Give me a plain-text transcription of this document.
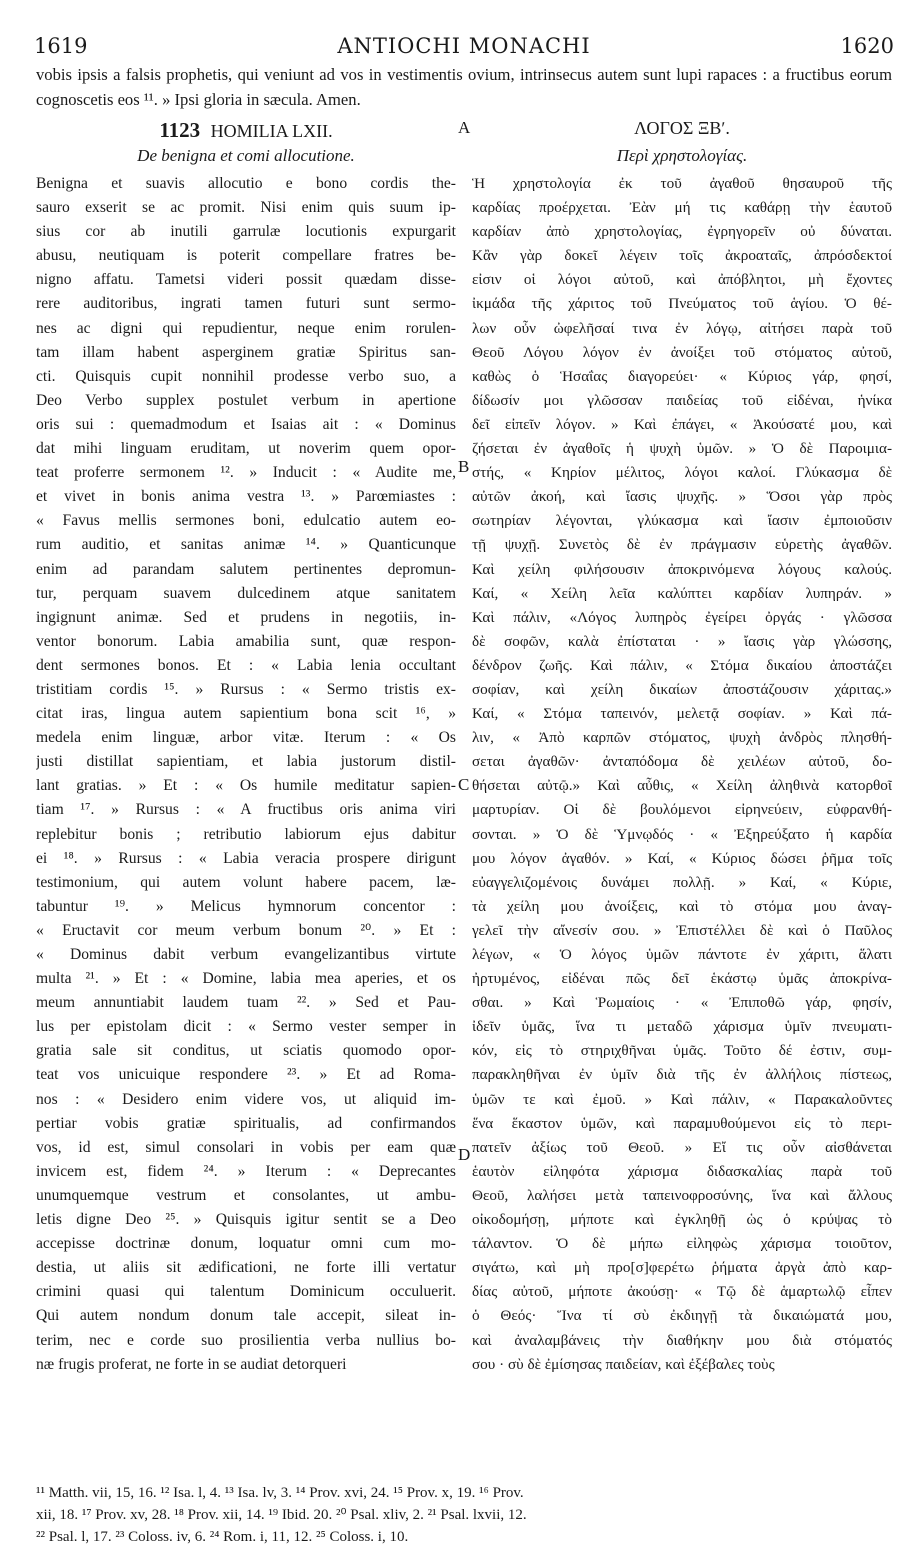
1619	ANTIOCHI MONACHI	1620
vobis ipsis a falsis prophetis, qui veniunt ad vos in vestimentis ovium, intrinsecus autem sunt lupi rapaces : a fructibus eorum cognoscetis eos ¹¹. » Ipsi gloria in sæcula. Amen.
1123 HOMILIA LXII.
De benigna et comi allocutione.
Benigna et suavis allocutio e bono cordis the-
sauro exserit se ac promit. Nisi enim quis suum ip-
sius cor ab inutili garrulæ locutionis expurgarit
abusu, neutiquam is poterit compellare fratres be-
nigno affatu. Tametsi videri possit quædam disse-
rere auditoribus, ingrati tamen futuri sunt sermo-
nes ac digni qui repudientur, neque enim rorulen-
tam illam habent asperginem gratiæ Spiritus san-
cti. Quisquis cupit nonnihil prodesse verbo suo, a
Deo Verbo supplex postulet verbum in apertione
oris sui : quemadmodum et Isaias ait : « Dominus
dat mihi linguam eruditam, ut noverim quem opor-
teat proferre sermonem ¹². » Inducit : « Audite me,
et vivet in bonis anima vestra ¹³. » Parœmiastes :
« Favus mellis sermones boni, edulcatio autem eo-
rum auditio, et sanitas animæ ¹⁴. » Quanticunque
enim ad parandam salutem pertinentes depromun-
tur, perquam suavem dulcedinem atque sanitatem
ingignunt animæ. Sed et prudens in negotiis, in-
ventor bonorum. Labia amabilia sunt, quæ respon-
dent sermones bonos. Et : « Labia lenia occultant
tristitiam cordis ¹⁵. » Rursus : « Sermo tristis ex-
citat iras, lingua autem sapientium bona scit ¹⁶, »
medela enim linguæ, arbor vitæ. Iterum : « Os
justi distillat sapientiam, et labia justorum distil-
lant gratias. » Et : « Os humile meditatur sapien-
tiam ¹⁷. » Rursus : « A fructibus oris anima viri
replebitur bonis ; retributio labiorum ejus dabitur
ei ¹⁸. » Rursus : « Labia veracia prospere dirigunt
testimonium, qui autem volunt habere pacem, læ-
tabuntur ¹⁹. » Melicus hymnorum concentor :
« Eructavit cor meum verbum bonum ²⁰. » Et :
« Dominus dabit verbum evangelizantibus virtute
multa ²¹. » Et : « Domine, labia mea aperies, et os
meum annuntiabit laudem tuam ²². » Sed et Pau-
lus per epistolam dicit : « Sermo vester semper in
gratia sale sit conditus, ut sciatis quomodo opor-
teat vos unicuique respondere ²³. » Et ad Roma-
nos : « Desidero enim videre vos, ut aliquid im-
pertiar vobis gratiæ spiritualis, ad confirmandos
vos, id est, simul consolari in vobis per eam quæ
invicem est, fidem ²⁴. » Iterum : « Deprecantes
unumquemque vestrum et consolantes, ut ambu-
letis digne Deo ²⁵. » Quisquis igitur sentit se a Deo
accepisse doctrinæ donum, loquatur omni cum mo-
destia, ut aliis sit ædificationi, ne forte illi vertatur
crimini quasi qui talentum Dominicum occuluerit.
Qui autem nondum donum tale accepit, sileat in-
terim, nec e corde suo prosilientia verba nullius bo-
næ frugis proferat, ne forte in se audiat detorqueri
ΛΟΓΟΣ ΞΒʹ.
Περὶ χρηστολογίας.
Ἡ χρηστολογία ἐκ τοῦ ἀγαθοῦ θησαυροῦ τῆς
καρδίας προέρχεται. Ἐὰν μή τις καθάρῃ τὴν ἑαυτοῦ
καρδίαν ἀπὸ χρηστολογίας, ἐγρηγορεῖν οὐ δύναται.
Κἂν γὰρ δοκεῖ λέγειν τοῖς ἀκροαταῖς, ἀπρόσδεκτοί
εἰσιν οἱ λόγοι αὐτοῦ, καὶ ἀπόβλητοι, μὴ ἔχοντες
ἰκμάδα τῆς χάριτος τοῦ Πνεύματος τοῦ ἁγίου. Ὁ θέ-
λων οὖν ὠφελῆσαί τινα ἐν λόγῳ, αἰτήσει παρὰ τοῦ
Θεοῦ Λόγου λόγον ἐν ἀνοίξει τοῦ στόματος αὐτοῦ,
καθὼς ὁ Ἡσαΐας διαγορεύει· « Κύριος γάρ, φησί,
δίδωσίν μοι γλῶσσαν παιδείας τοῦ εἰδέναι, ἡνίκα
δεῖ εἰπεῖν λόγον. » Καὶ ἐπάγει, « Ἀκούσατέ μου, καὶ
ζήσεται ἐν ἀγαθοῖς ἡ ψυχὴ ὑμῶν. » Ὁ δὲ Παροιμια-
στής, « Κηρίον μέλιτος, λόγοι καλοί. Γλύκασμα δὲ
αὐτῶν ἀκοή, καὶ ἴασις ψυχῆς. » Ὅσοι γὰρ πρὸς
σωτηρίαν λέγονται, γλύκασμα καὶ ἴασιν ἐμποιοῦσιν
τῇ ψυχῇ. Συνετὸς δὲ ἐν πράγμασιν εὑρετὴς ἀγαθῶν.
Καὶ χείλη φιλήσουσιν ἀποκρινόμενα λόγους καλούς.
Καί, « Χείλη λεῖα καλύπτει καρδίαν λυπηράν. »
Καὶ πάλιν, «Λόγος λυπηρὸς ἐγείρει ὀργάς · γλῶσσα
δὲ σοφῶν, καλὰ ἐπίσταται · » ἴασις γὰρ γλώσσης,
δένδρον ζωῆς. Καὶ πάλιν, « Στόμα δικαίου ἀποστάζει
σοφίαν, καὶ χείλη δικαίων ἀποστάζουσιν χάριτας.»
Καί, « Στόμα ταπεινόν, μελετᾷ σοφίαν. » Καὶ πά-
λιν, « Ἀπὸ καρπῶν στόματος, ψυχὴ ἀνδρὸς πλησθή-
σεται ἀγαθῶν· ἀνταπόδομα δὲ χειλέων αὐτοῦ, δο-
θήσεται αὐτῷ.» Καὶ αὖθις, « Χείλη ἀληθινὰ κατορθοῖ
μαρτυρίαν. Οἱ δὲ βουλόμενοι εἰρηνεύειν, εὐφρανθή-
σονται. » Ὁ δὲ Ὑμνῳδός · « Ἐξηρεύξατο ἡ καρδία
μου λόγον ἀγαθόν. » Καί, « Κύριος δώσει ῥῆμα τοῖς
εὐαγγελιζομένοις δυνάμει πολλῇ. » Καί, « Κύριε,
τὰ χείλη μου ἀνοίξεις, καὶ τὸ στόμα μου ἀναγ-
γελεῖ τὴν αἴνεσίν σου. » Ἐπιστέλλει δὲ καὶ ὁ Παῦλος
λέγων, « Ὁ λόγος ὑμῶν πάντοτε ἐν χάριτι, ἅλατι
ἠρτυμένος, εἰδέναι πῶς δεῖ ἑκάστῳ ὑμᾶς ἀποκρίνα-
σθαι. » Καὶ Ῥωμαίοις · « Ἐπιποθῶ γάρ, φησίν,
ἰδεῖν ὑμᾶς, ἵνα τι μεταδῶ χάρισμα ὑμῖν πνευματι-
κόν, εἰς τὸ στηριχθῆναι ὑμᾶς. Τοῦτο δέ ἐστιν, συμ-
παρακληθῆναι ἐν ὑμῖν διὰ τῆς ἐν ἀλλήλοις πίστεως,
ὑμῶν τε καὶ ἐμοῦ. » Καὶ πάλιν, « Παρακαλοῦντες
ἕνα ἕκαστον ὑμῶν, καὶ παραμυθούμενοι εἰς τὸ περι-
πατεῖν ἀξίως τοῦ Θεοῦ. » Εἴ τις οὖν αἰσθάνεται
ἑαυτὸν εἰληφότα χάρισμα διδασκαλίας παρὰ τοῦ
Θεοῦ, λαλήσει μετὰ ταπεινοφροσύνης, ἵνα καὶ ἄλλους
οἰκοδομήσῃ, μήποτε καὶ ἐγκληθῇ ὡς ὁ κρύψας τὸ
τάλαντον. Ὁ δὲ μήπω εἰληφὼς χάρισμα τοιοῦτον,
σιγάτω, καὶ μὴ προ[σ]φερέτω ῥήματα ἀργὰ ἀπὸ καρ-
δίας αὐτοῦ, μήποτε ἀκούσῃ· « Τῷ δὲ ἁμαρτωλῷ εἶπεν
ὁ Θεός· Ἵνα τί σὺ ἐκδιηγῇ τὰ δικαιώματά μου,
καὶ ἀναλαμβάνεις τὴν διαθήκην μου διὰ στόματός
σου · σὺ δὲ ἐμίσησας παιδείαν, καὶ ἐξέβαλες τοὺς
A
B
C
D
¹¹ Matth. vii, 15, 16. ¹² Isa. l, 4. ¹³ Isa. lv, 3. ¹⁴ Prov. xvi, 24. ¹⁵ Prov. x, 19. ¹⁶ Prov.
xii, 18. ¹⁷ Prov. xv, 28. ¹⁸ Prov. xii, 14. ¹⁹ Ibid. 20. ²⁰ Psal. xliv, 2. ²¹ Psal. lxvii, 12.
²² Psal. l, 17. ²³ Coloss. iv, 6. ²⁴ Rom. i, 11, 12. ²⁵ Coloss. i, 10.
